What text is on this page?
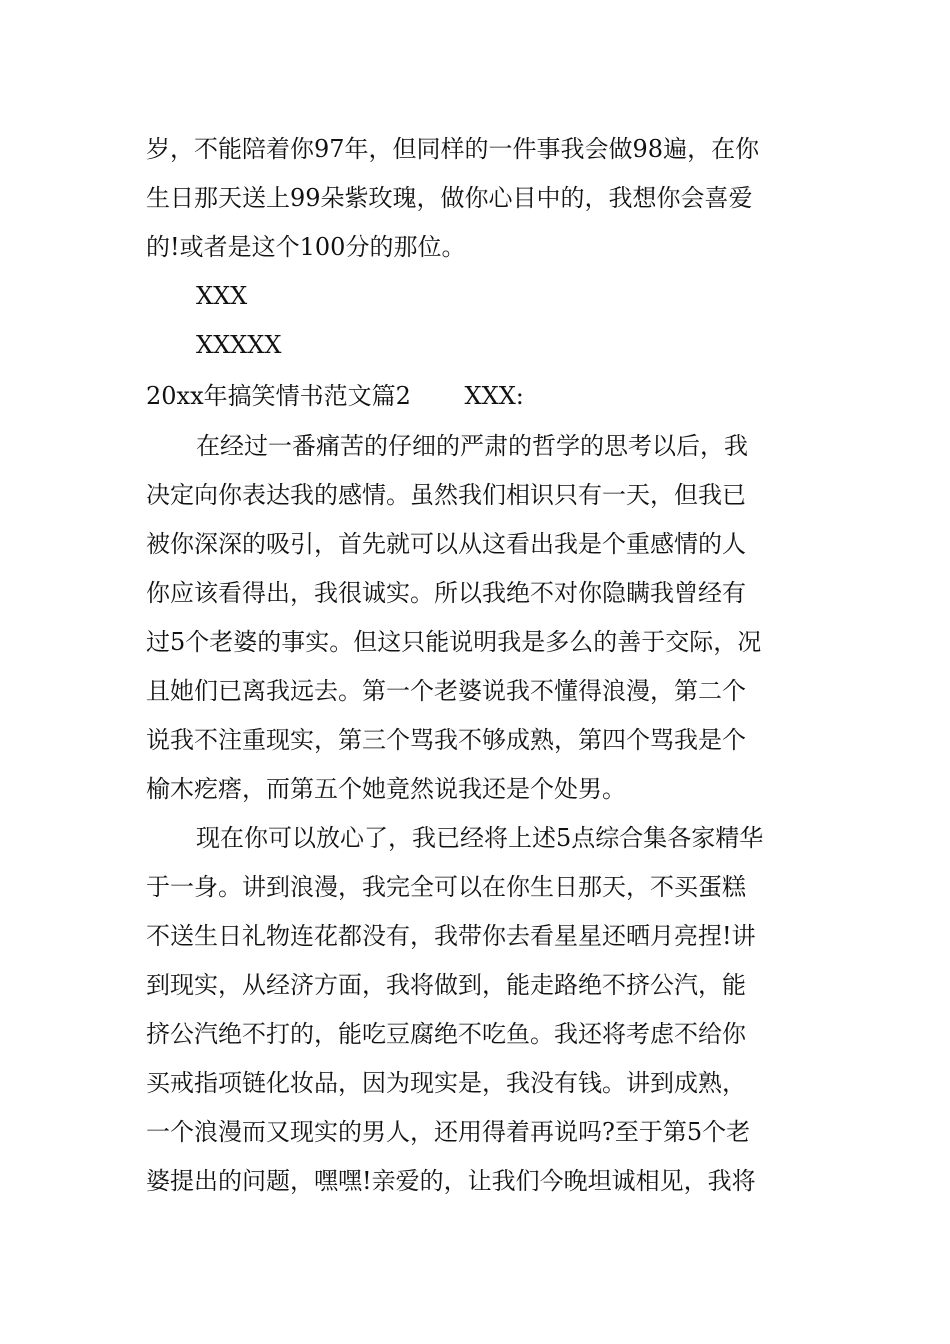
岁，不能陪着你97年，但同样的一件事我会做98遍，在你
生日那天送上99朵紫玫瑰，做你心目中的，我想你会喜爱
的!或者是这个100分的那位。
XXX
XXXXX
20xx年搞笑情书范文篇2 XXX:
在经过一番痛苦的仔细的严肃的哲学的思考以后，我
决定向你表达我的感情。虽然我们相识只有一天，但我已
被你深深的吸引，首先就可以从这看出我是个重感情的人
你应该看得出，我很诚实。所以我绝不对你隐瞒我曾经有
过5个老婆的事实。但这只能说明我是多么的善于交际，况
且她们已离我远去。第一个老婆说我不懂得浪漫，第二个
说我不注重现实，第三个骂我不够成熟，第四个骂我是个
榆木疙瘩，而第五个她竟然说我还是个处男。
现在你可以放心了，我已经将上述5点综合集各家精华
于一身。讲到浪漫，我完全可以在你生日那天，不买蛋糕
不送生日礼物连花都没有，我带你去看星星还晒月亮捏!讲
到现实，从经济方面，我将做到，能走路绝不挤公汽，能
挤公汽绝不打的，能吃豆腐绝不吃鱼。我还将考虑不给你
买戒指项链化妆品，因为现实是，我没有钱。讲到成熟，
一个浪漫而又现实的男人，还用得着再说吗?至于第5个老
婆提出的问题，嘿嘿!亲爱的，让我们今晚坦诚相见，我将
